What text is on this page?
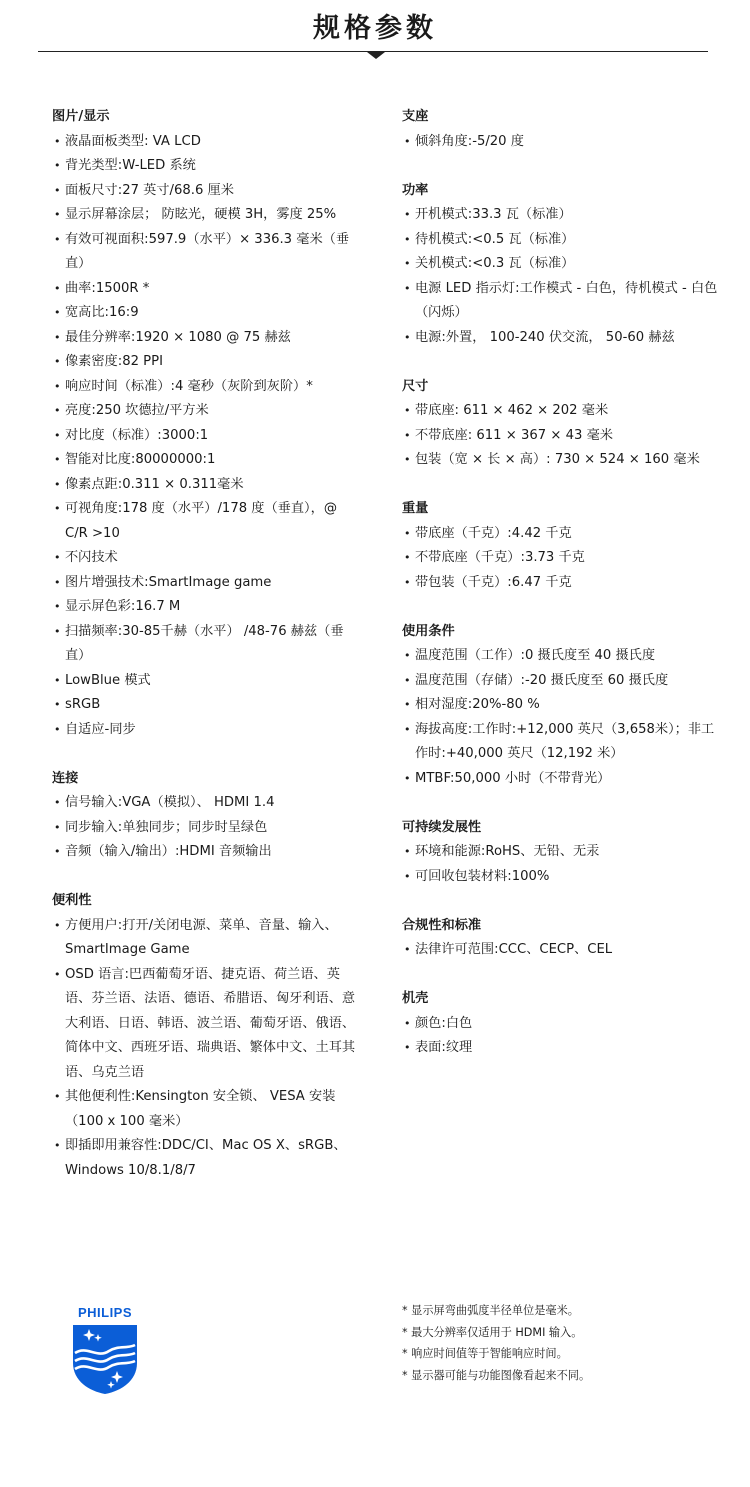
规格参数
图片/显示
• 液晶面板类型: VA LCD
• 背光类型:W-LED 系统
• 面板尺寸:27 英寸/68.6 厘米
• 显示屏幕涂层； 防眩光，硬模 3H，雾度 25%
• 有效可视面积:597.9（水平）× 336.3 毫米（垂直）
• 曲率:1500R *
• 宽高比:16:9
• 最佳分辨率:1920 × 1080 @ 75 赫兹
• 像素密度:82 PPI
• 响应时间（标准）:4 毫秒（灰阶到灰阶）*
• 亮度:250 坎德拉/平方米
• 对比度（标准）:3000:1
• 智能对比度:80000000:1
• 像素点距:0.311 × 0.311毫米
• 可视角度:178 度（水平）/178 度（垂直），@ C/R >10
• 不闪技术
• 图片增强技术:SmartImage game
• 显示屏色彩:16.7 M
• 扫描频率:30-85千赫（水平） /48-76 赫兹（垂直）
• LowBlue 模式
• sRGB
• 自适应-同步
连接
• 信号输入:VGA（模拟）、 HDMI 1.4
• 同步输入:单独同步；同步时呈绿色
• 音频（输入/输出）:HDMI 音频输出
便利性
• 方便用户:打开/关闭电源、菜单、音量、输入、SmartImage Game
• OSD 语言:巴西葡萄牙语、捷克语、荷兰语、英语、芬兰语、法语、德语、希腊语、匈牙利语、意大利语、日语、韩语、波兰语、葡萄牙语、俄语、简体中文、西班牙语、瑞典语、繁体中文、土耳其语、乌克兰语
• 其他便利性:Kensington 安全锁、 VESA 安装（100 x 100 毫米）
• 即插即用兼容性:DDC/CI、Mac OS X、sRGB、Windows 10/8.1/8/7
支座
• 倾斜角度:-5/20 度
功率
• 开机模式:33.3 瓦（标准）
• 待机模式:<0.5 瓦（标准）
• 关机模式:<0.3 瓦（标准）
• 电源 LED 指示灯:工作模式 - 白色，待机模式 - 白色（闪烁）
• 电源:外置， 100-240 伏交流， 50-60 赫兹
尺寸
• 带底座: 611 × 462 × 202 毫米
• 不带底座: 611 × 367 × 43 毫米
• 包装（宽 × 长 × 高）: 730 × 524 × 160 毫米
重量
• 带底座（千克）:4.42 千克
• 不带底座（千克）:3.73 千克
• 带包装（千克）:6.47 千克
使用条件
• 温度范围（工作）:0 摄氏度至 40 摄氏度
• 温度范围（存储）:-20 摄氏度至 60 摄氏度
• 相对湿度:20%-80 %
• 海拔高度:工作时:+12,000 英尺（3,658米）；非工作时:+40,000 英尺（12,192 米）
• MTBF:50,000 小时（不带背光）
可持续发展性
• 环境和能源:RoHS、无铅、无汞
• 可回收包装材料:100%
合规性和标准
• 法律许可范围:CCC、CECP、CEL
机壳
• 颜色:白色
• 表面:纹理
PHILIPS	* 显示屏弯曲弧度半径单位是毫米。
* 最大分辨率仅适用于 HDMI 输入。
* 响应时间值等于智能响应时间。
* 显示器可能与功能图像看起来不同。
